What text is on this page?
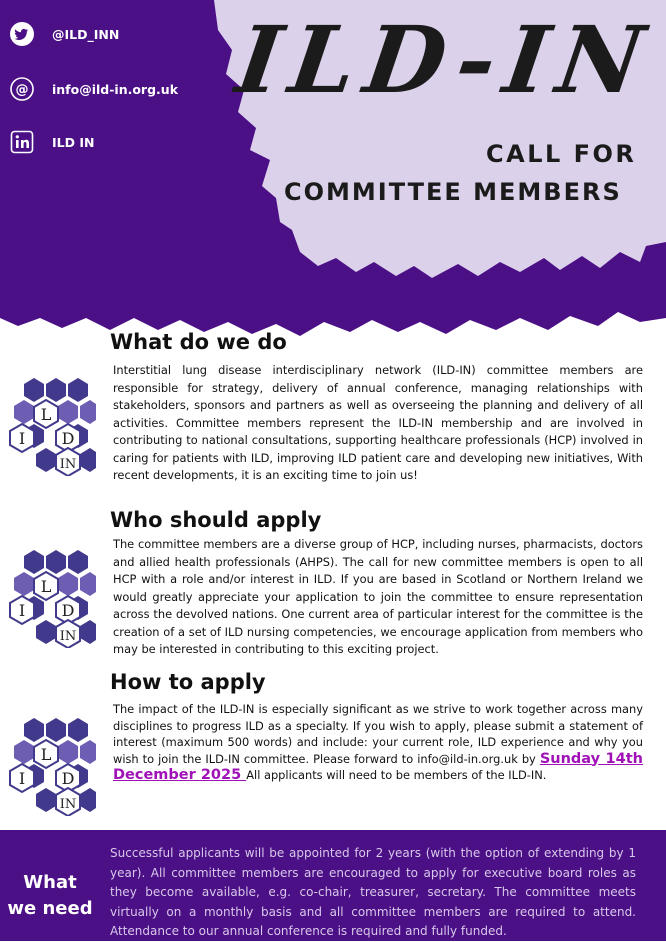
@ILD_INN
@ info@ild-in.org.uk
ILD IN
ILD-IN
CALL FOR
COMMITTEE MEMBERS
I
L
D
IN
What do we do

Interstitial lung disease interdisciplinary network (ILD-IN) committee members are responsible for strategy, delivery of annual conference, managing relationships with stakeholders, sponsors and partners as well as overseeing the planning and delivery of all activities. Committee members represent the ILD-IN membership and are involved in contributing to national consultations, supporting healthcare professionals (HCP) involved in caring for patients with ILD, improving ILD patient care and developing new initiatives, With recent developments, it is an exciting time to join us!

I
L
D
IN
Who should apply

The committee members are a diverse group of HCP, including nurses, pharmacists, doctors and allied health professionals (AHPS). The call for new committee members is open to all HCP with a role and/or interest in ILD. If you are based in Scotland or Northern Ireland we would greatly appreciate your application to join the committee to ensure representation across the devolved nations. One current area of particular interest for the committee is the creation of a set of ILD nursing competencies, we encourage application from members who may be interested in contributing to this exciting project.

I
L
D
IN
How to apply

The impact of the ILD-IN is especially significant as we strive to work together across many disciplines to progress ILD as a specialty. If you wish to apply, please submit a statement of interest (maximum 500 words) and include: your current role, ILD experience and why you wish to join the ILD-IN committee. Please forward to info@ild-in.org.uk by Sunday 14th December 2025 All applicants will need to be members of the ILD-IN.

What we need

Successful applicants will be appointed for 2 years (with the option of extending by 1 year). All committee members are encouraged to apply for executive board roles as they become available, e.g. co-chair, treasurer, secretary. The committee meets virtually on a monthly basis and all committee members are required to attend. Attendance to our annual conference is required and fully funded.
